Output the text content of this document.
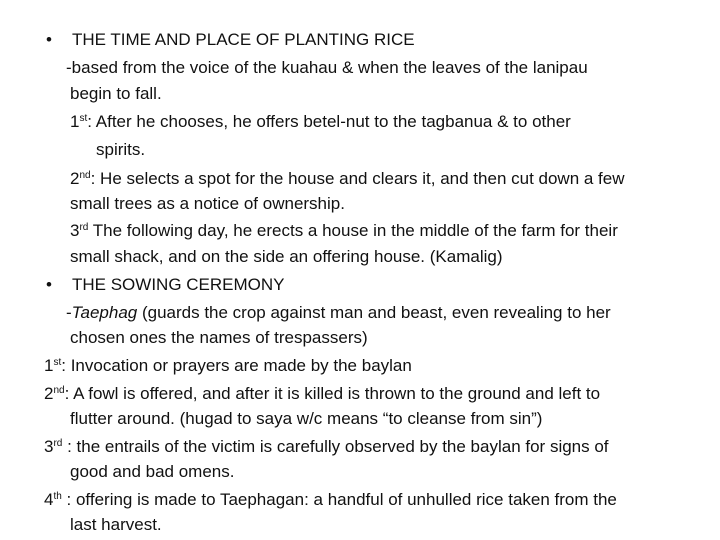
• THE TIME AND PLACE OF PLANTING RICE
-based from the voice of the kuahau & when the leaves of the lanipau
begin to fall.
1st: After he chooses, he offers betel-nut to the tagbanua & to other
spirits.
2nd: He selects a spot for the house and clears it, and then cut down a few
small trees as a notice of ownership.
3rd The following day, he erects a house in the middle of the farm for their
small shack, and on the side an offering house. (Kamalig)
• THE SOWING CEREMONY
-Taephag (guards the crop against man and beast, even revealing to her
chosen ones the names of trespassers)
1st: Invocation or prayers are made by the baylan
2nd: A fowl is offered, and after it is killed is thrown to the ground and left to
flutter around. (hugad to saya w/c means “to cleanse from sin”)
3rd : the entrails of the victim is carefully observed by the baylan for signs of
good and bad omens.
4th : offering is made to Taephagan: a handful of unhulled rice taken from the
last harvest.
